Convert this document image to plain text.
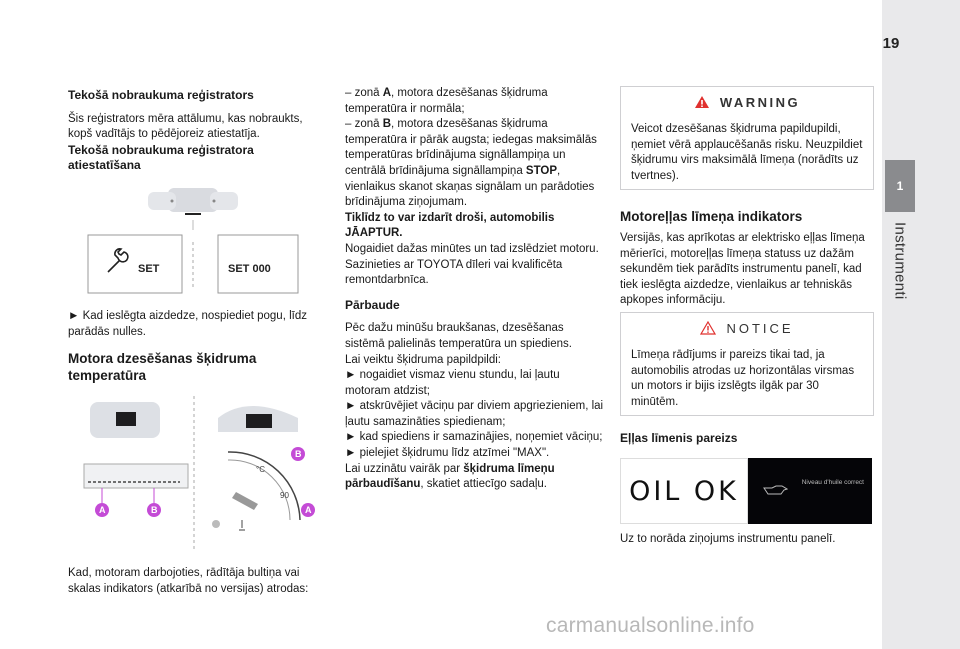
1
Instrumenti
19

Tekošā nobraukuma reģistrators

Šis reģistrators mēra attālumu, kas nobraukts, kopš vadītājs to pēdējoreiz atiestatīja.

Tekošā nobraukuma reģistratora atiestatīšana

SET	SET 000

► Kad ieslēgta aizdedze, nospiediet pogu, līdz parādās nulles.

Motora dzesēšanas šķidruma temperatūra

A	B
°C
90
B
A

Kad, motoram darbojoties, rādītāja bultiņa vai skalas indikators (atkarībā no versijas) atrodas:

– zonā A, motora dzesēšanas šķidruma temperatūra ir normāla;

– zonā B, motora dzesēšanas šķidruma temperatūra ir pārāk augsta; iedegas maksimālās temperatūras brīdinājuma signāllampiņa un centrālā brīdinājuma signāllampiņa STOP, vienlaikus skanot skaņas signālam un parādoties brīdinājuma ziņojumam.

Tiklīdz to var izdarīt droši, automobilis JĀAPTUR.

Nogaidiet dažas minūtes un tad izslēdziet motoru.

Sazinieties ar TOYOTA dīleri vai kvalificēta remontdarbnīca.

Pārbaude

Pēc dažu minūšu braukšanas, dzesēšanas sistēmā palielinās temperatūra un spiediens.

Lai veiktu šķidruma papildpildi:

► nogaidiet vismaz vienu stundu, lai ļautu motoram atdzist;

► atskrūvējiet vāciņu par diviem apgriezieniem, lai ļautu samazināties spiedienam;

► kad spiediens ir samazinājies, noņemiet vāciņu;

► pielejiet šķidrumu līdz atzīmei "MAX".

Lai uzzinātu vairāk par šķidruma līmeņu pārbaudīšanu, skatiet attiecīgo sadaļu.

WARNING
Veicot dzesēšanas šķidruma papildupildi, ņemiet vērā applaucēšanās risku. Neuzpildiet šķidrumu virs maksimālā līmeņa (norādīts uz tvertnes).

Motoreļļas līmeņa indikators

Versijās, kas aprīkotas ar elektrisko eļļas līmeņa mērierīci, motoreļļas līmeņa statuss uz dažām sekundēm tiek parādīts instrumentu panelī, kad tiek ieslēgta aizdedze, vienlaikus ar tehniskās apkopes informāciju.

NOTICE
Līmeņa rādījums ir pareizs tikai tad, ja automobilis atrodas uz horizontālas virsmas un motors ir bijis izslēgts ilgāk par 30 minūtēm.

Eļļas līmenis pareizs

OIL OK	Niveau d'huile correct

Uz to norāda ziņojums instrumentu panelī.

carmanualsonline.info
